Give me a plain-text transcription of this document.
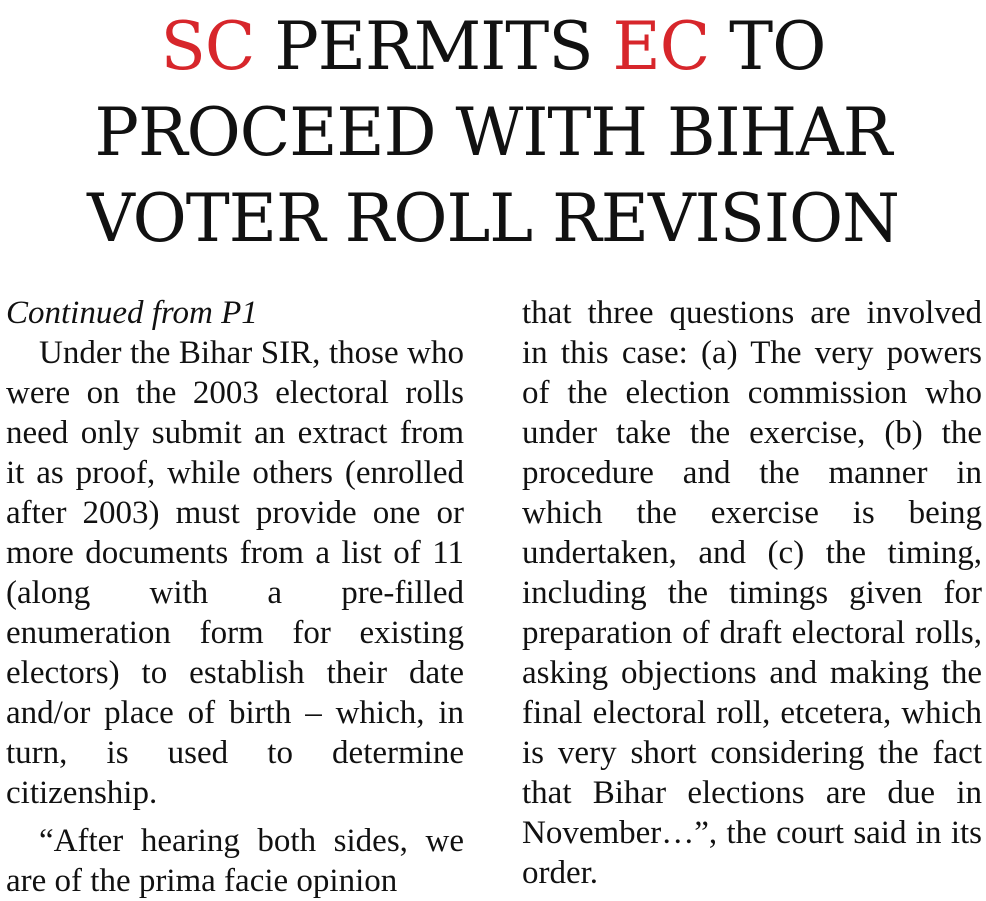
SC PERMITS EC TO
PROCEED WITH BIHAR
VOTER ROLL REVISION
Continued from P1

Under the Bihar SIR, those who were on the 2003 electoral rolls need only submit an extract from it as proof, while others (enrolled after 2003) must provide one or more documents from a list of 11 (along with a pre-filled enumeration form for existing electors) to establish their date and/or place of birth – which, in turn, is used to determine citizenship.

“After hearing both sides, we are of the prima facie opinion

that three questions are involved in this case: (a) The very powers of the election commission who under take the exercise, (b) the procedure and the manner in which the exercise is being undertaken, and (c) the timing, including the timings given for preparation of draft electoral rolls, asking objections and making the final electoral roll, etcetera, which is very short considering the fact that Bihar elections are due in November…”, the court said in its order.
